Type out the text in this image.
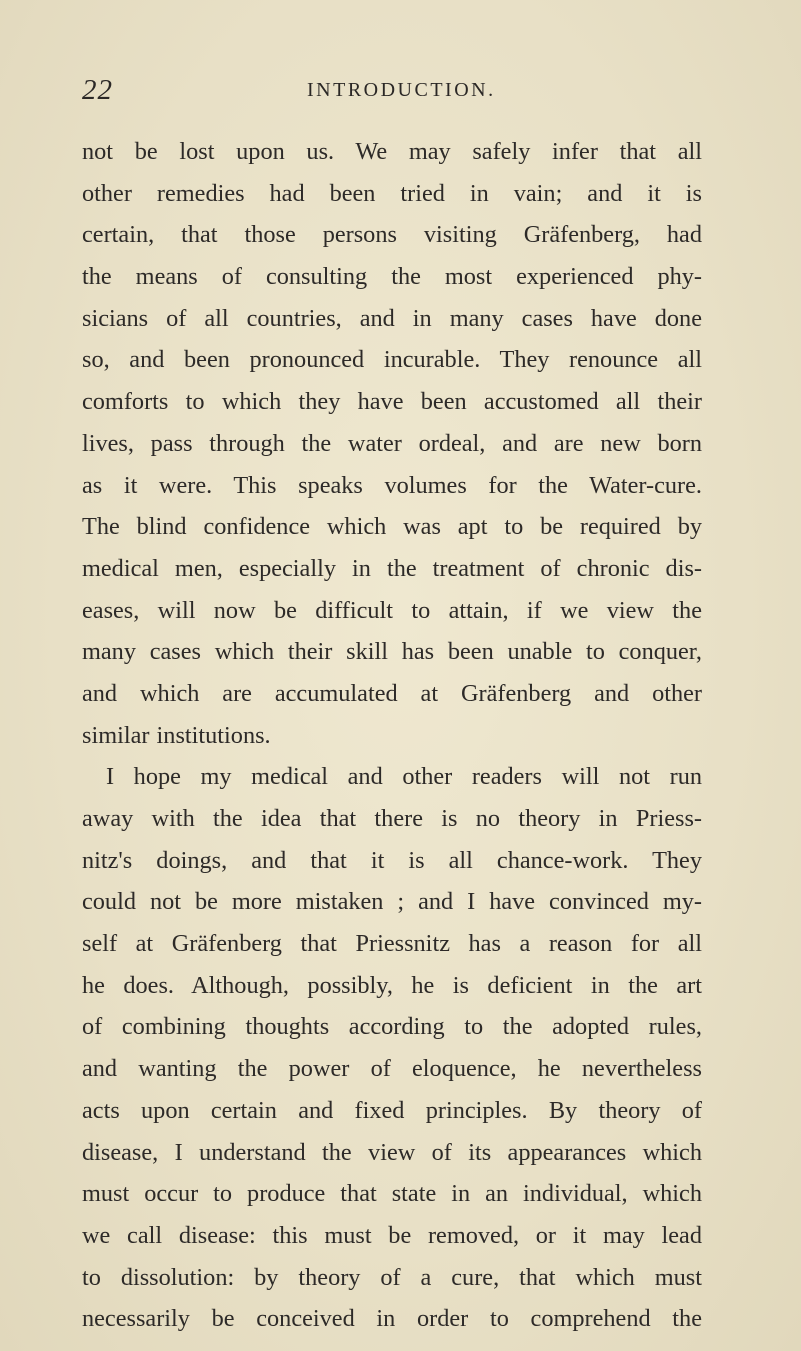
22	INTRODUCTION.
not be lost upon us. We may safely infer that all
other remedies had been tried in vain; and it is
certain, that those persons visiting Gräfenberg, had
the means of consulting the most experienced phy-
sicians of all countries, and in many cases have done
so, and been pronounced incurable. They renounce all
comforts to which they have been accustomed all their
lives, pass through the water ordeal, and are new born
as it were. This speaks volumes for the Water-cure.
The blind confidence which was apt to be required by
medical men, especially in the treatment of chronic dis-
eases, will now be difficult to attain, if we view the
many cases which their skill has been unable to conquer,
and which are accumulated at Gräfenberg and other
similar institutions.
I hope my medical and other readers will not run
away with the idea that there is no theory in Priess-
nitz's doings, and that it is all chance-work. They
could not be more mistaken ; and I have convinced my-
self at Gräfenberg that Priessnitz has a reason for all
he does. Although, possibly, he is deficient in the art
of combining thoughts according to the adopted rules,
and wanting the power of eloquence, he nevertheless
acts upon certain and fixed principles. By theory of
disease, I understand the view of its appearances which
must occur to produce that state in an individual, which
we call disease: this must be removed, or it may lead
to dissolution: by theory of a cure, that which must
necessarily be conceived in order to comprehend the
